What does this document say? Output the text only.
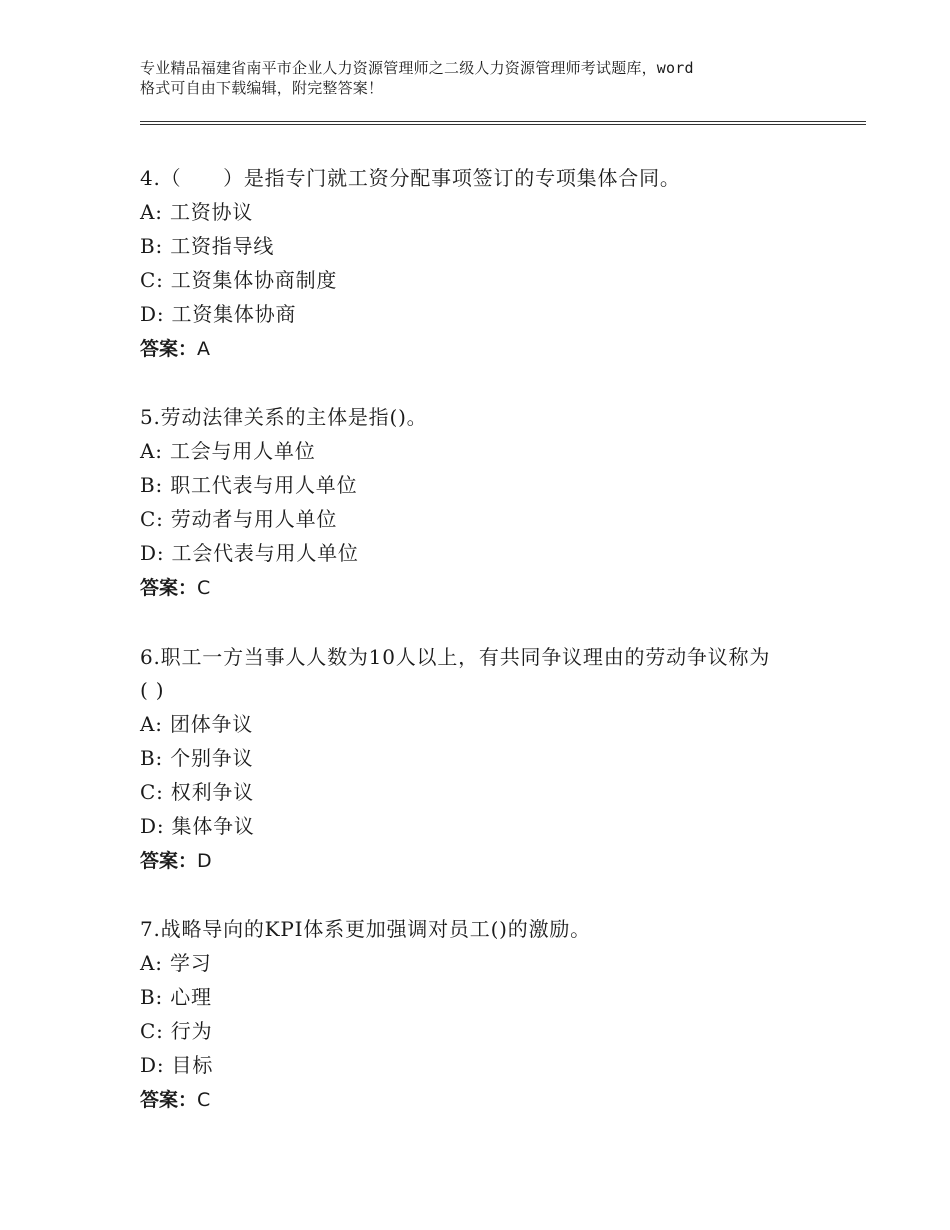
专业精品福建省南平市企业人力资源管理师之二级人力资源管理师考试题库，word
格式可自由下载编辑，附完整答案！
4.（　　）是指专门就工资分配事项签订的专项集体合同。
A: 工资协议
B: 工资指导线
C: 工资集体协商制度
D: 工资集体协商
答案：A
5.劳动法律关系的主体是指()。
A: 工会与用人单位
B: 职工代表与用人单位
C: 劳动者与用人单位
D: 工会代表与用人单位
答案：C
6.职工一方当事人人数为10人以上，有共同争议理由的劳动争议称为
( )
A: 团体争议
B: 个别争议
C: 权利争议
D: 集体争议
答案：D
7.战略导向的KPI体系更加强调对员工()的激励。
A: 学习
B: 心理
C: 行为
D: 目标
答案：C
